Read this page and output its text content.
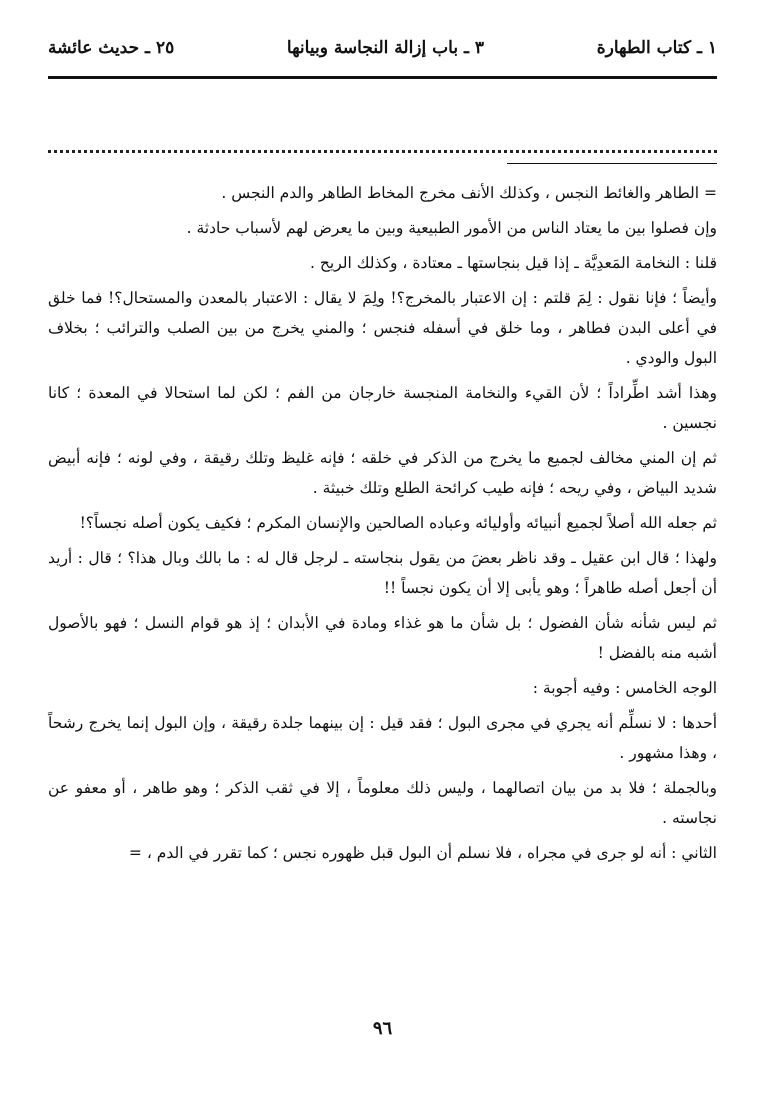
١ ـ كتاب الطهارة
٣ ـ باب إزالة النجاسة وبيانها
٢٥ ـ حديث عائشة

= الطاهر والغائط النجس ، وكذلك الأنف مخرج المخاط الطاهر والدم النجس .

وإن فصلوا بين ما يعتاد الناس من الأمور الطبيعية وبين ما يعرض لهم لأسباب حادثة .

قلنا : النخامة المَعدِيَّة ـ إذا قيل بنجاستها ـ معتادة ، وكذلك الريح .

وأيضاً ؛ فإنا نقول : لِمَ قلتم : إن الاعتبار بالمخرج؟! ولِمَ لا يقال : الاعتبار بالمعدن والمستحال؟! فما خلق في أعلى البدن فطاهر ، وما خلق في أسفله فنجس ؛ والمني يخرج من بين الصلب والترائب ؛ بخلاف البول والودي .

وهذا أشد اطِّراداً ؛ لأن القيء والنخامة المنجسة خارجان من الفم ؛ لكن لما استحالا في المعدة ؛ كانا نجسين .

ثم إن المني مخالف لجميع ما يخرج من الذكر في خلقه ؛ فإنه غليظ وتلك رقيقة ، وفي لونه ؛ فإنه أبيض شديد البياض ، وفي ريحه ؛ فإنه طيب كرائحة الطلع وتلك خبيثة .

ثم جعله الله أصلاً لجميع أنبيائه وأوليائه وعباده الصالحين والإنسان المكرم ؛ فكيف يكون أصله نجساً؟!

ولهذا ؛ قال ابن عقيل ـ وقد ناظر بعضَ من يقول بنجاسته ـ لرجل قال له : ما بالك وبال هذا؟ ؛ قال : أريد أن أجعل أصله طاهراً ؛ وهو يأبى إلا أن يكون نجساً !!

ثم ليس شأنه شأن الفضول ؛ بل شأن ما هو غذاء ومادة في الأبدان ؛ إذ هو قوام النسل ؛ فهو بالأصول أشبه منه بالفضل !

الوجه الخامس : وفيه أجوبة :

أحدها : لا نسلِّم أنه يجري في مجرى البول ؛ فقد قيل : إن بينهما جلدة رقيقة ، وإن البول إنما يخرج رشحاً ، وهذا مشهور .

وبالجملة ؛ فلا بد من بيان اتصالهما ، وليس ذلك معلوماً ، إلا في ثقب الذكر ؛ وهو طاهر ، أو معفو عن نجاسته .

الثاني : أنه لو جرى في مجراه ، فلا نسلم أن البول قبل ظهوره نجس ؛ كما تقرر في الدم ، =

٩٦
